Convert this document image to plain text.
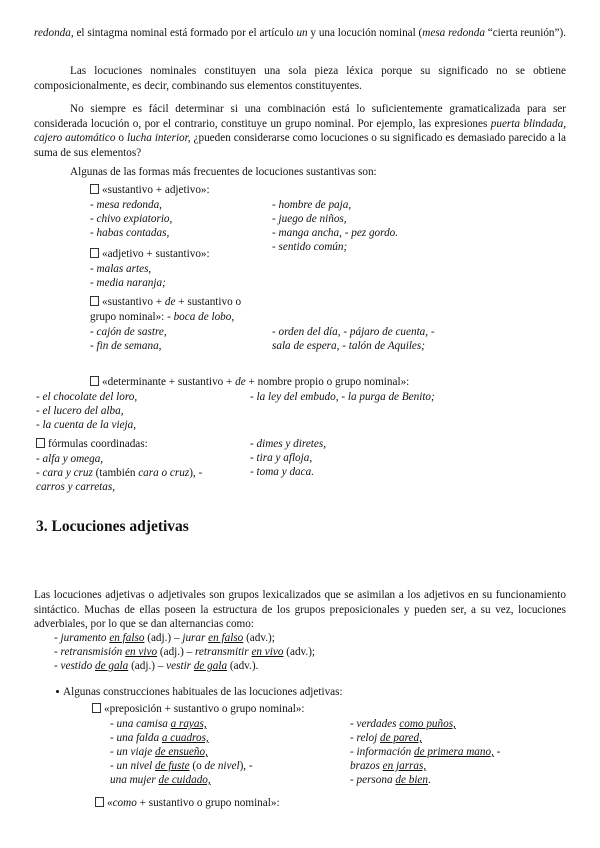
redonda, el sintagma nominal está formado por el artículo un y una locución nominal (mesa redonda “cierta reunión”).
Las locuciones nominales constituyen una sola pieza léxica porque su significado no se obtiene composicionalmente, es decir, combinando sus elementos constituyentes.
No siempre es fácil determinar si una combinación está lo suficientemente gramaticalizada para ser considerada locución o, por el contrario, constituye un grupo nominal. Por ejemplo, las expresiones puerta blindada, cajero automático o lucha interior, ¿pueden considerarse como locuciones o su significado es demasiado parecido a la suma de sus elementos?
Algunas de las formas más frecuentes de locuciones sustantivas son:
«sustantivo + adjetivo»:
- mesa redonda,
- chivo expiatorio,
- habas contadas,
- hombre de paja,
- juego de niños,
- manga ancha, - pez gordo.
- sentido común;
«adjetivo + sustantivo»:
- malas artes,
- media naranja;
«sustantivo + de + sustantivo o
grupo nominal»: - boca de lobo,
- cajón de sastre,
- fin de semana,
- orden del día, - pájaro de cuenta, -
sala de espera, - talón de Aquiles;
«determinante + sustantivo + de + nombre propio o grupo nominal»:
- el chocolate del loro,
- el lucero del alba,
- la cuenta de la vieja,
- la ley del embudo, - la purga de Benito;
fórmulas coordinadas:
- alfa y omega,
- cara y cruz (también cara o cruz), -
carros y carretas,
- dimes y diretes,
- tira y afloja,
- toma y daca.
3. Locuciones adjetivas
Las locuciones adjetivas o adjetivales son grupos lexicalizados que se asimilan a los adjetivos en su funcionamiento sintáctico. Muchas de ellas poseen la estructura de los grupos preposicionales y pueden ser, a su vez, locuciones adverbiales, por lo que se dan alternancias como:
- juramento en falso (adj.) – jurar en falso (adv.);
- retransmisión en vivo (adj.) – retransmitir en vivo (adv.);
- vestido de gala (adj.) – vestir de gala (adv.).
Algunas construcciones habituales de las locuciones adjetivas:
«preposición + sustantivo o grupo nominal»:
- una camisa a rayas,
- una falda a cuadros,
- un viaje de ensueño,
- un nivel de fuste (o de nivel), -
una mujer de cuidado,
- verdades como puños,
- reloj de pared,
- información de primera mano, -
brazos en jarras,
- persona de bien.
«como + sustantivo o grupo nominal»:
